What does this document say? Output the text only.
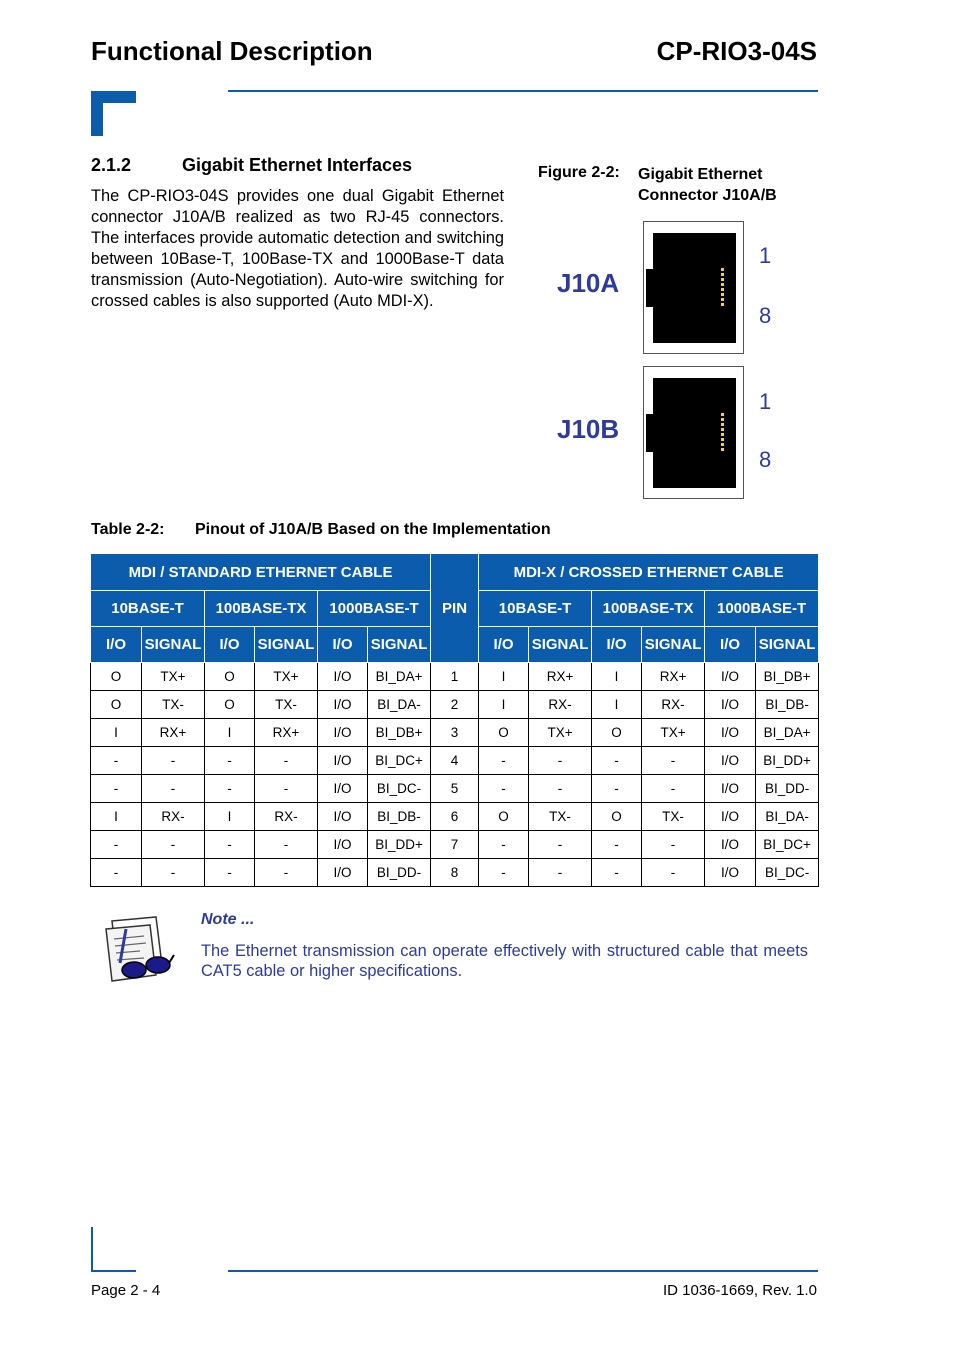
Functional Description	CP-RIO3-04S
2.1.2	Gigabit Ethernet Interfaces
The CP-RIO3-04S provides one dual Gigabit Ethernet connector J10A/B realized as two RJ-45 connectors. The interfaces provide automatic detection and switching between 10Base-T, 100Base-TX and 1000Base-T data transmission (Auto-Negotiation). Auto-wire switching for crossed cables is also supported (Auto MDI-X).
Figure 2-2: Gigabit Ethernet Connector J10A/B
J10A
1
8
J10B
1
8
Table 2-2: Pinout of J10A/B Based on the Implementation
MDI / STANDARD ETHERNET CABLE						PIN	MDI-X / CROSSED ETHERNET CABLE					
10BASE-T		100BASE-TX		1000BASE-T			10BASE-T		100BASE-TX		1000BASE-T	
I/O	SIGNAL	I/O	SIGNAL	I/O	SIGNAL		I/O	SIGNAL	I/O	SIGNAL	I/O	SIGNAL
O	TX+	O	TX+	I/O	BI_DA+	1	I	RX+	I	RX+	I/O	BI_DB+
O	TX-	O	TX-	I/O	BI_DA-	2	I	RX-	I	RX-	I/O	BI_DB-
I	RX+	I	RX+	I/O	BI_DB+	3	O	TX+	O	TX+	I/O	BI_DA+
-	-	-	-	I/O	BI_DC+	4	-	-	-	-	I/O	BI_DD+
-	-	-	-	I/O	BI_DC-	5	-	-	-	-	I/O	BI_DD-
I	RX-	I	RX-	I/O	BI_DB-	6	O	TX-	O	TX-	I/O	BI_DA-
-	-	-	-	I/O	BI_DD+	7	-	-	-	-	I/O	BI_DC+
-	-	-	-	I/O	BI_DD-	8	-	-	-	-	I/O	BI_DC-
Note ...
The Ethernet transmission can operate effectively with structured cable that meets CAT5 cable or higher specifications.
Page 2 - 4	ID 1036-1669, Rev. 1.0
